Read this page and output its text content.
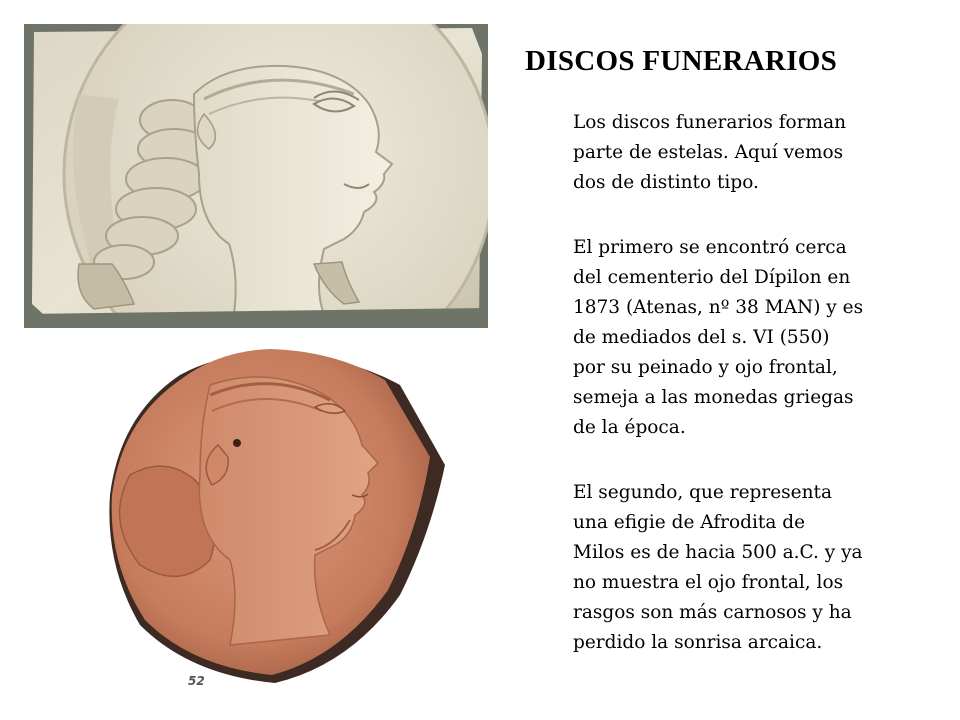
DISCOS FUNERARIOS
Los discos funerarios forman
parte de estelas. Aquí vemos
dos de distinto tipo.
El primero se encontró cerca
del cementerio del Dípilon en
1873 (Atenas, nº 38 MAN) y es
de mediados del s. VI (550)
por su peinado y ojo frontal,
semeja a las monedas griegas
de la época.
El segundo, que representa
una efigie de Afrodita de
Milos es de hacia 500 a.C. y ya
no muestra el ojo frontal, los
rasgos son más carnosos y ha
perdido la sonrisa arcaica.
52
